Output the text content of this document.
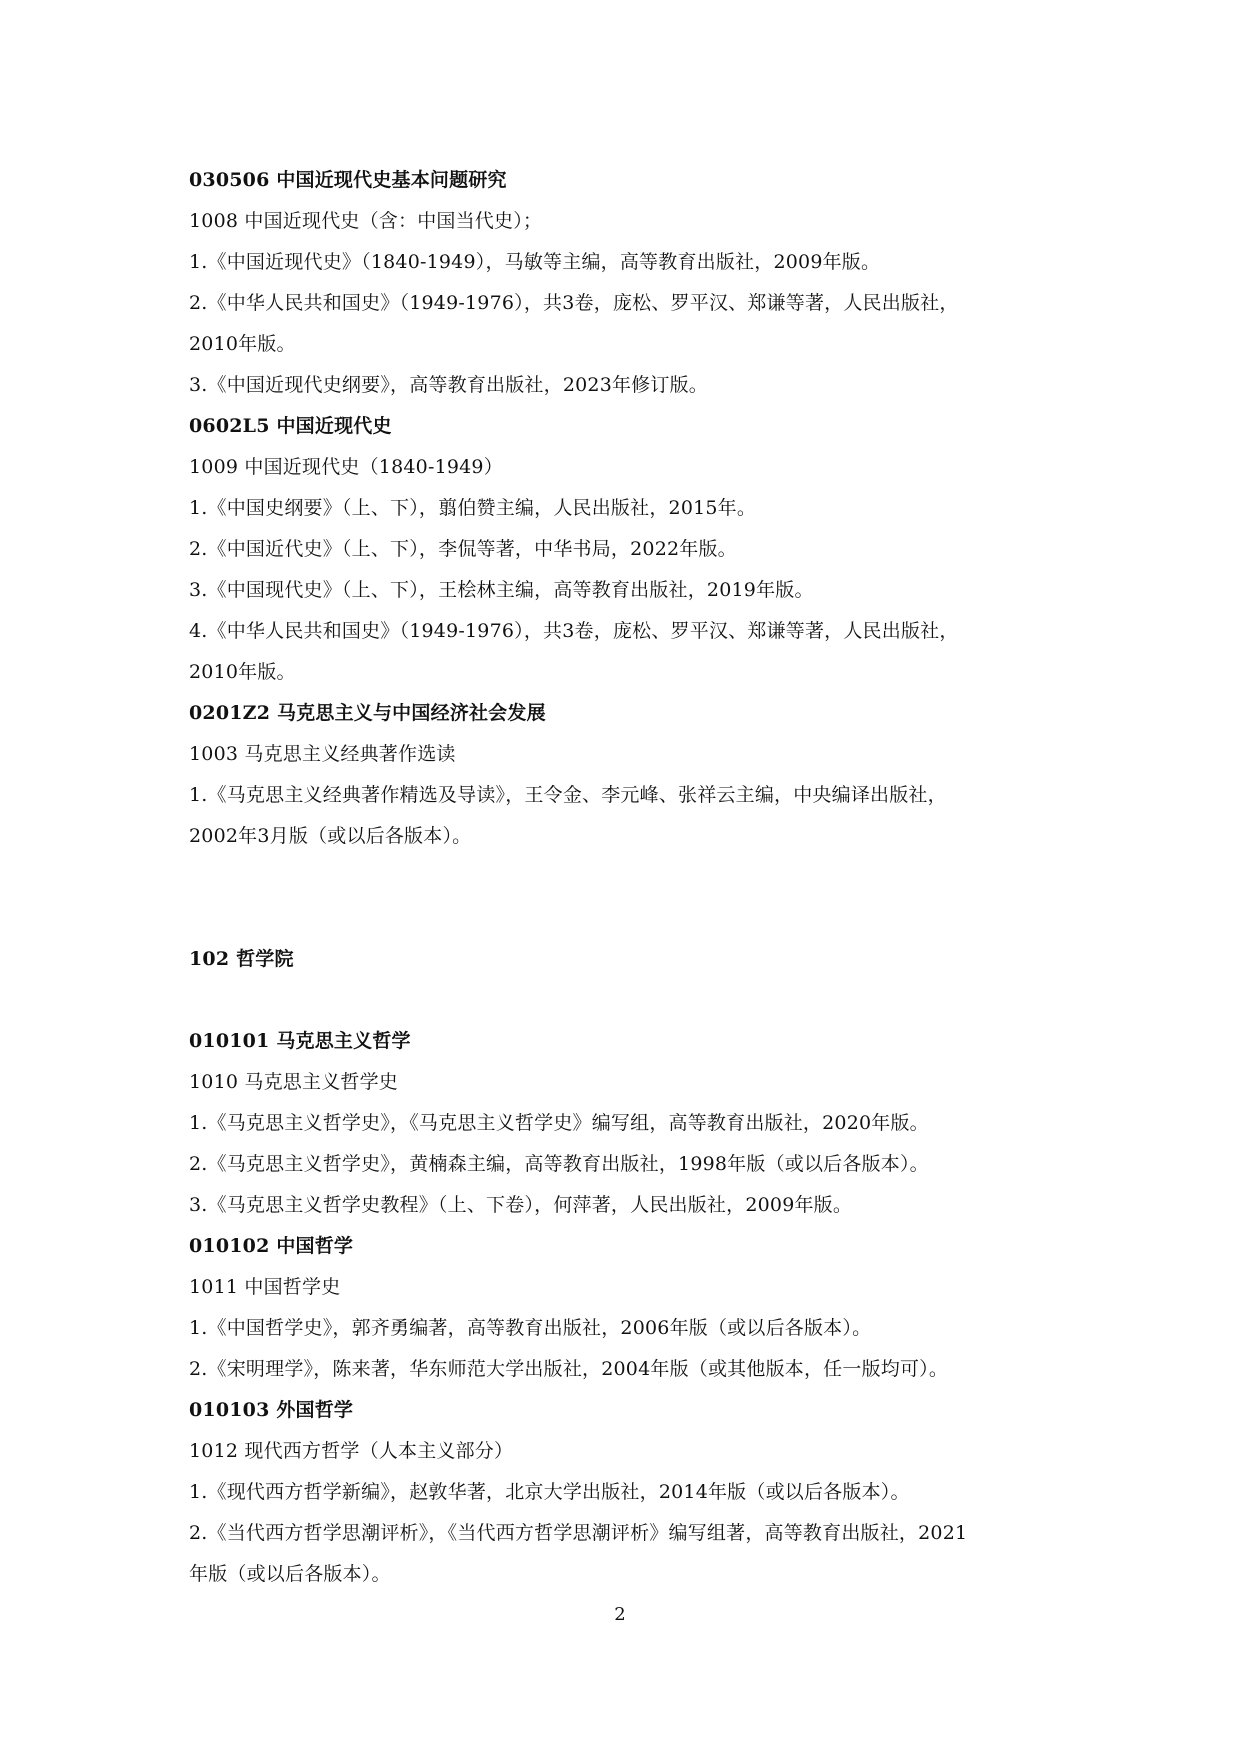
030506 中国近现代史基本问题研究
1008 中国近现代史（含：中国当代史）；
1.《中国近现代史》（1840-1949），马敏等主编，高等教育出版社，2009年版。
2.《中华人民共和国史》（1949-1976），共3卷，庞松、罗平汉、郑谦等著，人民出版社，
2010年版。
3.《中国近现代史纲要》，高等教育出版社，2023年修订版。
0602L5 中国近现代史
1009 中国近现代史（1840-1949）
1.《中国史纲要》（上、下），翦伯赞主编，人民出版社，2015年。
2.《中国近代史》（上、下），李侃等著，中华书局，2022年版。
3.《中国现代史》（上、下），王桧林主编，高等教育出版社，2019年版。
4.《中华人民共和国史》（1949-1976），共3卷，庞松、罗平汉、郑谦等著，人民出版社，
2010年版。
0201Z2 马克思主义与中国经济社会发展
1003 马克思主义经典著作选读
1.《马克思主义经典著作精选及导读》，王令金、李元峰、张祥云主编，中央编译出版社，
2002年3月版（或以后各版本）。
102 哲学院
010101 马克思主义哲学
1010 马克思主义哲学史
1.《马克思主义哲学史》，《马克思主义哲学史》编写组，高等教育出版社，2020年版。
2.《马克思主义哲学史》，黄楠森主编，高等教育出版社，1998年版（或以后各版本）。
3.《马克思主义哲学史教程》（上、下卷），何萍著，人民出版社，2009年版。
010102 中国哲学
1011 中国哲学史
1.《中国哲学史》，郭齐勇编著，高等教育出版社，2006年版（或以后各版本）。
2.《宋明理学》，陈来著，华东师范大学出版社，2004年版（或其他版本，任一版均可）。
010103 外国哲学
1012 现代西方哲学（人本主义部分）
1.《现代西方哲学新编》，赵敦华著，北京大学出版社，2014年版（或以后各版本）。
2.《当代西方哲学思潮评析》，《当代西方哲学思潮评析》编写组著，高等教育出版社，2021
年版（或以后各版本）。
2
